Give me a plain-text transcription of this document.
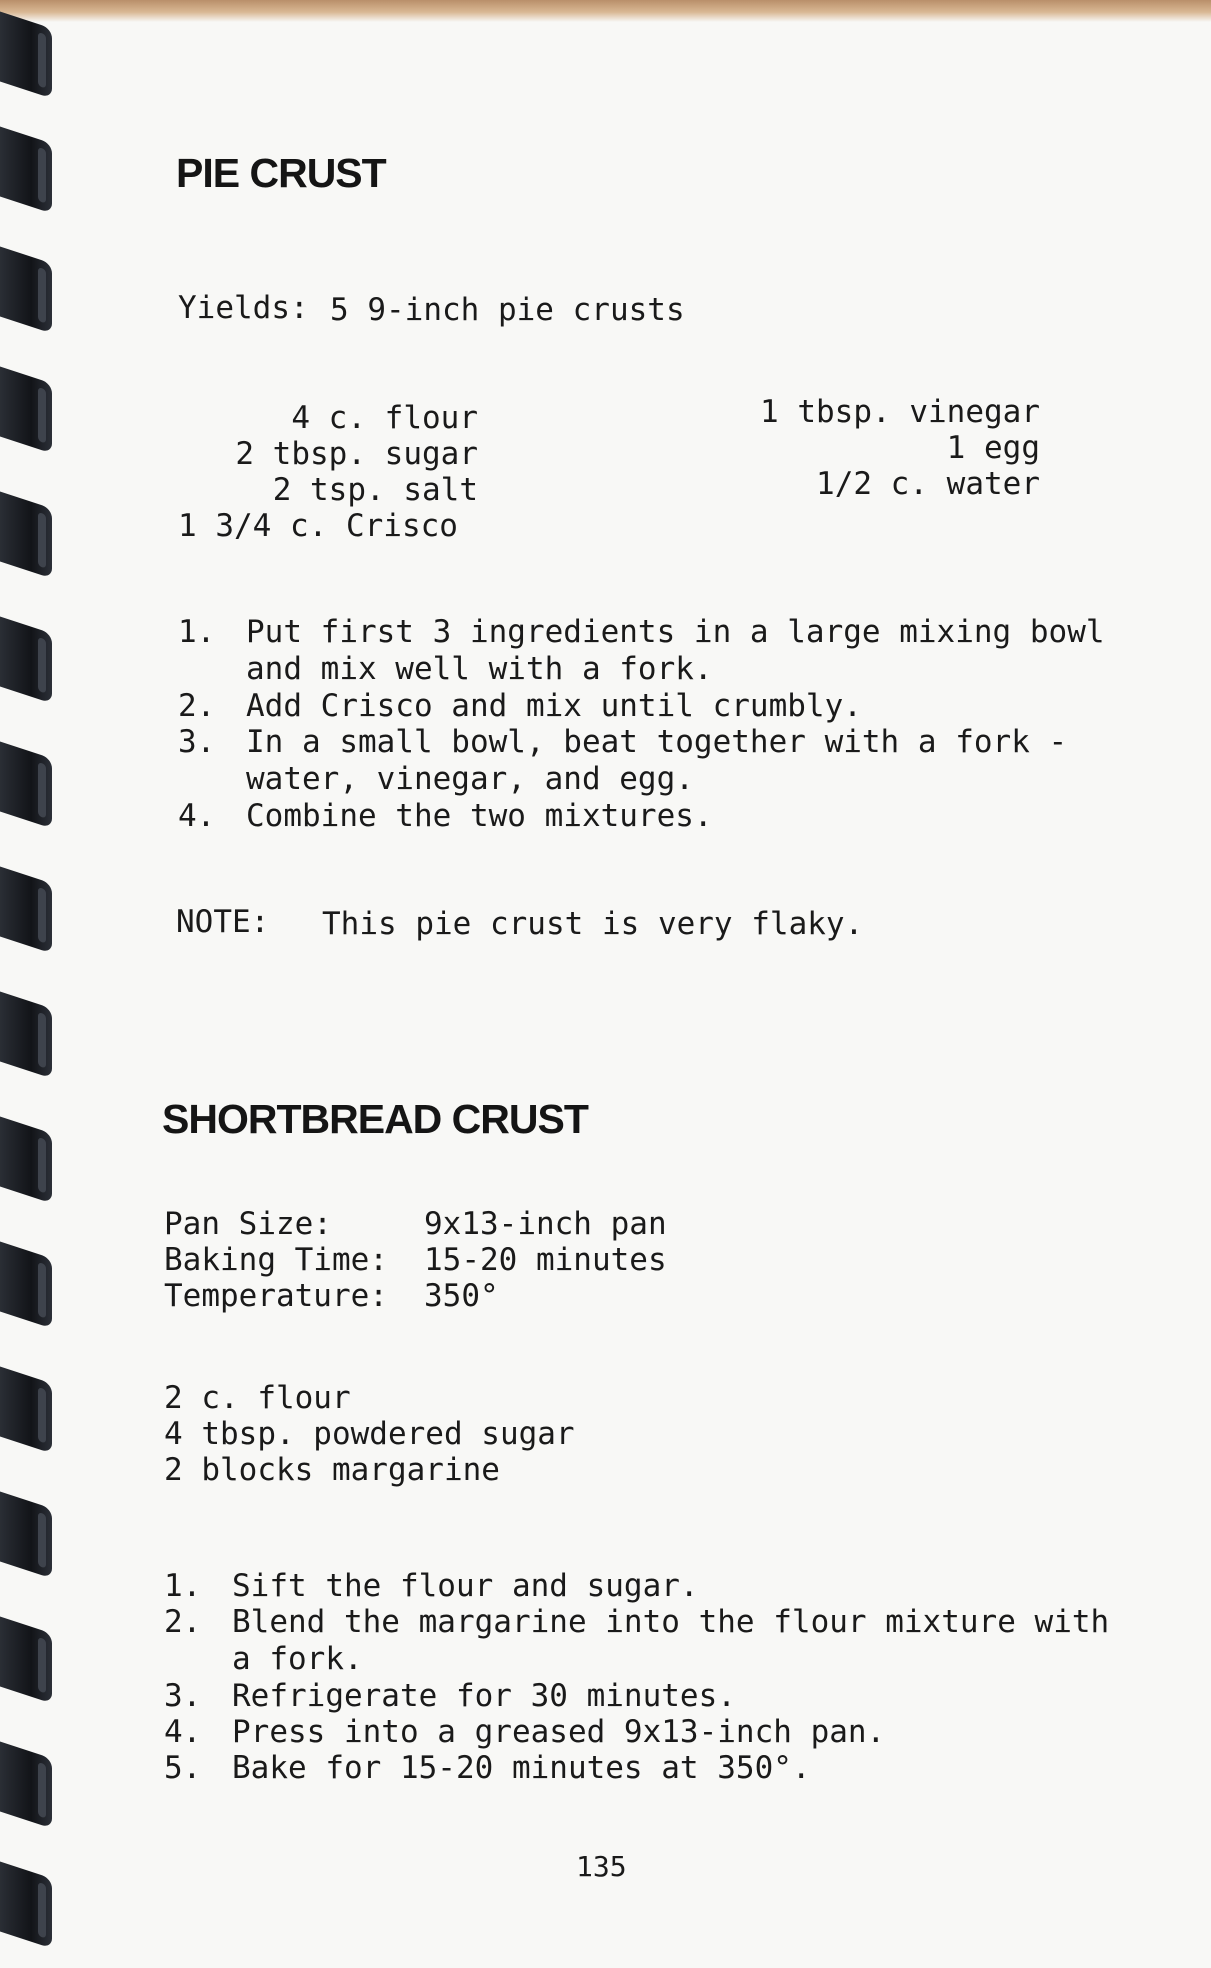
PIE CRUST
Yields: 5 9-inch pie crusts
4 c. flour
2 tbsp. sugar
2 tsp. salt
1 3/4 c. Crisco
1 tbsp. vinegar
1 egg
1/2 c. water
1. Put first 3 ingredients in a large mixing bowl and mix well with a fork.
2. Add Crisco and mix until crumbly.
3. In a small bowl, beat together with a fork - water, vinegar, and egg.
4. Combine the two mixtures.
NOTE: This pie crust is very flaky.
SHORTBREAD CRUST
Pan Size:	9x13-inch pan
Baking Time: 15-20 minutes
Temperature: 350°
2 c. flour
4 tbsp. powdered sugar
2 blocks margarine
1. Sift the flour and sugar.
2. Blend the margarine into the flour mixture with a fork.
3. Refrigerate for 30 minutes.
4. Press into a greased 9x13-inch pan.
5. Bake for 15-20 minutes at 350°.
135
